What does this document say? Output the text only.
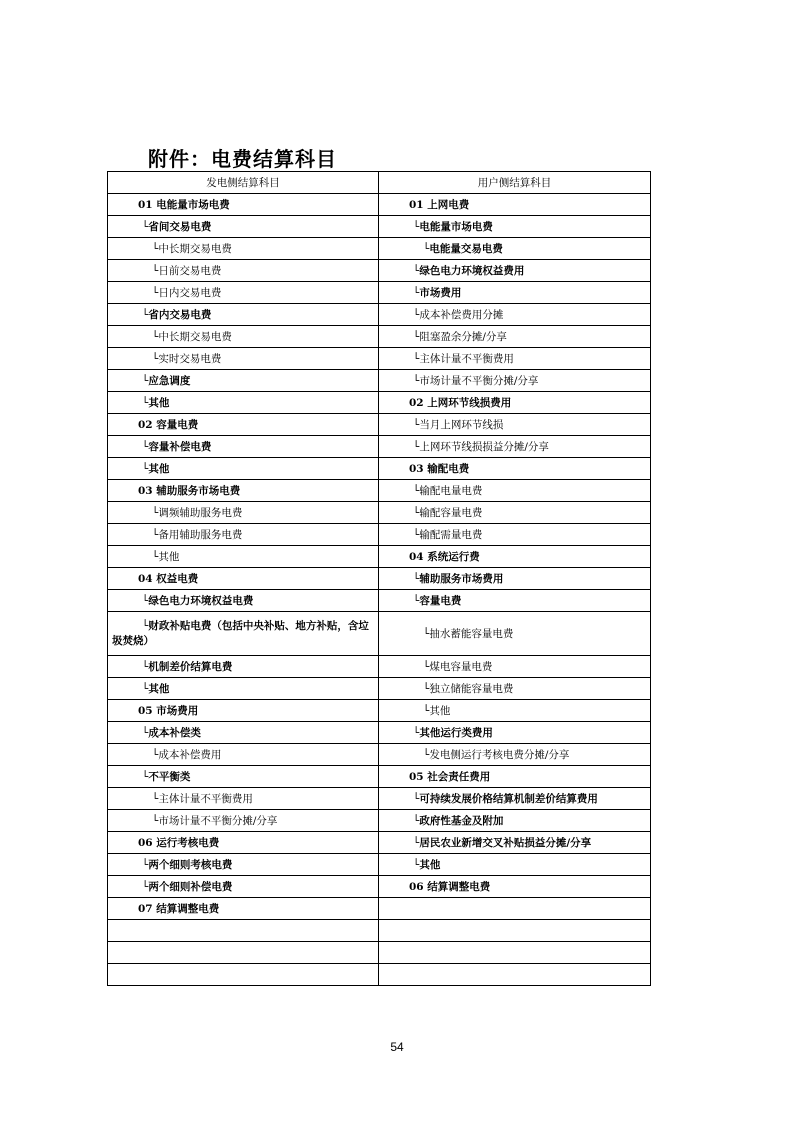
附件：电费结算科目
发电侧结算科目	用户侧结算科目
01 电能量市场电费	01 上网电费
└省间交易电费	└电能量市场电费
└中长期交易电费	└电能量交易电费
└日前交易电费	└绿色电力环境权益费用
└日内交易电费	└市场费用
└省内交易电费	└成本补偿费用分摊
└中长期交易电费	└阻塞盈余分摊/分享
└实时交易电费	└主体计量不平衡费用
└应急调度	└市场计量不平衡分摊/分享
└其他	02 上网环节线损费用
02 容量电费	└当月上网环节线损
└容量补偿电费	└上网环节线损损益分摊/分享
└其他	03 输配电费
03 辅助服务市场电费	└输配电量电费
└调频辅助服务电费	└输配容量电费
└备用辅助服务电费	└输配需量电费
└其他	04 系统运行费
04 权益电费	└辅助服务市场费用
└绿色电力环境权益电费	└容量电费

└财政补贴电费（包括中央补贴、地方补贴，含垃圾焚烧）	└抽水蓄能容量电费
└机制差价结算电费	└煤电容量电费
└其他	└独立储能容量电费
05 市场费用	└其他
└成本补偿类	└其他运行类费用
└成本补偿费用	└发电侧运行考核电费分摊/分享
└不平衡类	05 社会责任费用
└主体计量不平衡费用	└可持续发展价格结算机制差价结算费用
└市场计量不平衡分摊/分享	└政府性基金及附加
06 运行考核电费	└居民农业新增交叉补贴损益分摊/分享
└两个细则考核电费	└其他
└两个细则补偿电费	06 结算调整电费
07 结算调整电费	

54
